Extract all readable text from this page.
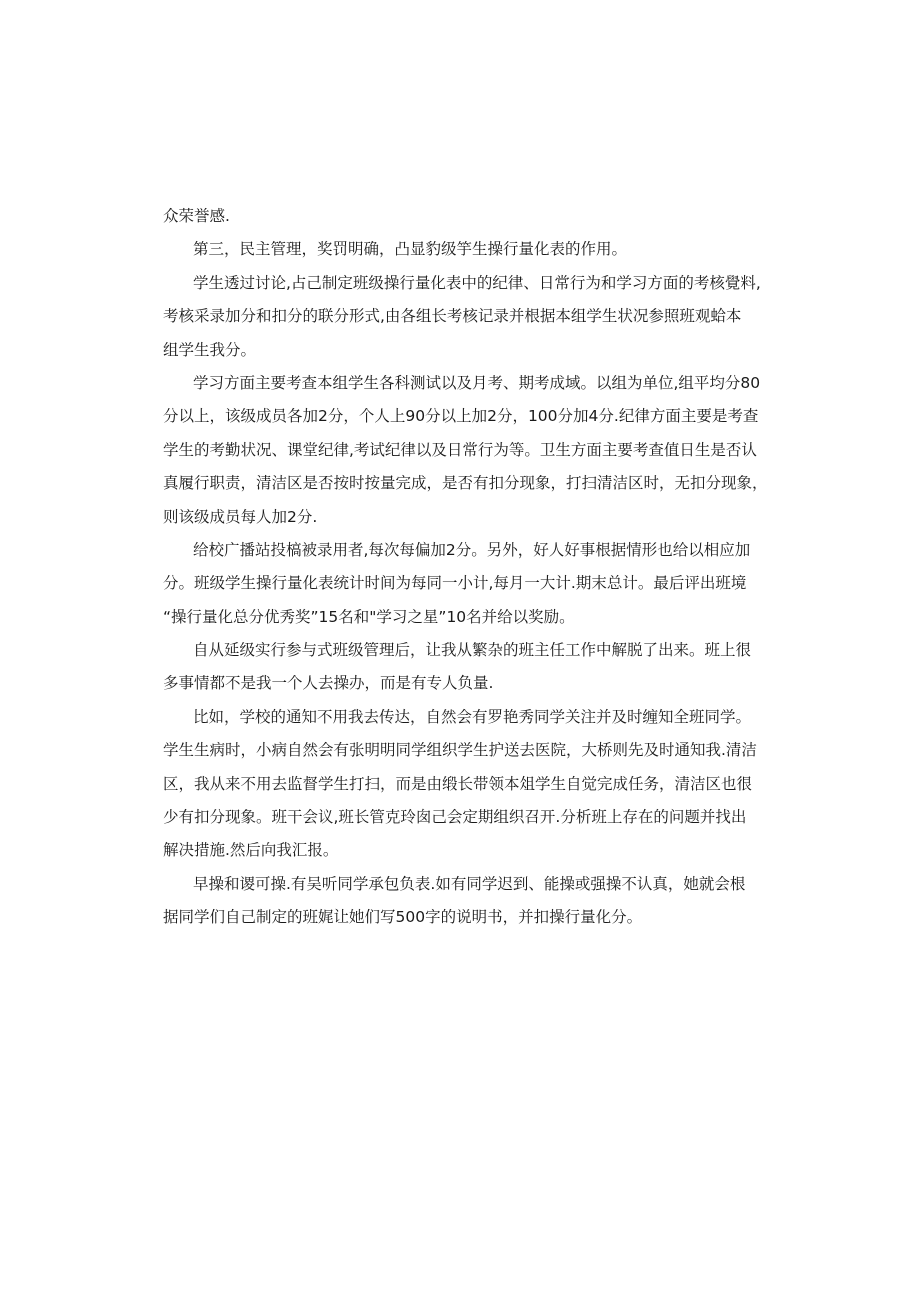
众荣誉感.
第三，民主管理，奖罚明确，凸显豹级竽生操行量化表的作用。
学生透过讨论,占己制定班级操行量化表中的纪律、日常行为和学习方面的考核覺料,
考核采录加分和扣分的联分形式,由各组长考核记录并根据本组学生状况参照班观蛤本
组学生我分。
学习方面主要考查本组学生各科测试以及月考、期考成域。以组为单位,组平均分80
分以上，该级成员各加2分，个人上90分以上加2分，100分加4分.纪律方面主要是考查
学生的考勤状况、课堂纪律,考试纪律以及日常行为等。卫生方面主要考查值日生是否认
真履行职责，清洁区是否按时按量完成，是否有扣分现象，打扫清洁区时，无扣分现象，
则该级成员每人加2分.
给校广播站投槁被录用者,每次每偏加2分。另外，好人好事根据情形也给以相应加
分。班级学生操行量化表统计时间为每同一小计,每月一大计.期末总计。最后评出班境
“操行量化总分优秀奖”15名和"学习之星”10名并给以奖励。
自从延级实行参与式班级管理后，让我从繁杂的班主任工作中解脱了出来。班上很
多事情都不是我一个人去操办，而是有专人负量.
比如，学校的通知不用我去传达，自然会有罗艳秀同学关注并及时缠知全班同学。
学生生病时，小病自然会有张明明同学组织学生护送去医院，大桥则先及时通知我.清洁
区，我从来不用去监督学生打扫，而是由缎长带领本俎学生自觉完成任务，清洁区也很
少有扣分现象。班干会议,班长管克玲囱己会定期组织召开.分析班上存在的问题并找出
解决措施.然后向我汇报。
早操和谡可操.有吴听同学承包负表.如有同学迟到、能操或强操不认真，她就会根
据同学们自己制定的班娓让她们写500字的说明书，并扣操行量化分。
